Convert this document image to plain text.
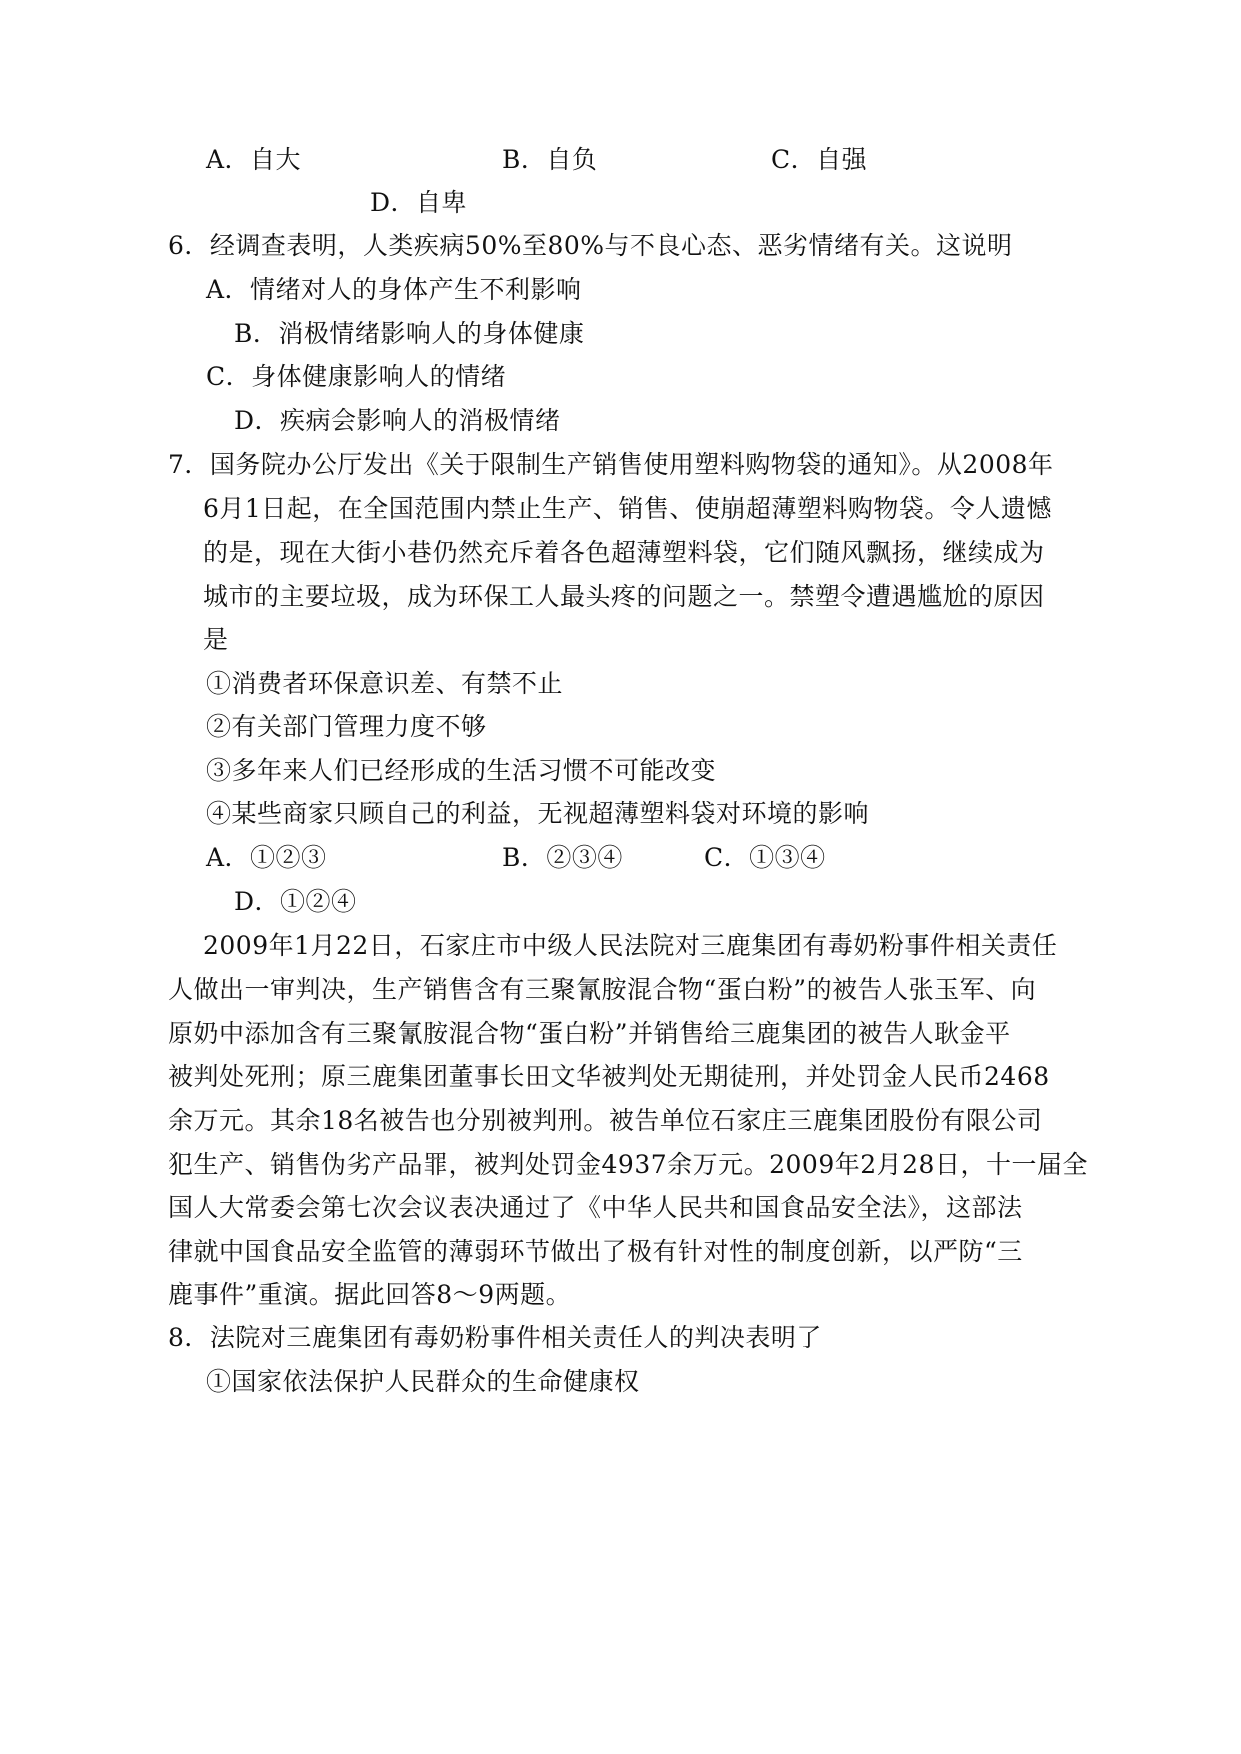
A．自大	B．自负	C．自强
D．自卑
6．经调查表明，人类疾病50%至80%与不良心态、恶劣情绪有关。这说明
A．情绪对人的身体产生不利影响
B．消极情绪影响人的身体健康
C．身体健康影响人的情绪
D．疾病会影响人的消极情绪
7．国务院办公厅发出《关于限制生产销售使用塑料购物袋的通知》。从2008年
6月1日起，在全国范围内禁止生产、销售、使崩超薄塑料购物袋。令人遗憾
的是，现在大街小巷仍然充斥着各色超薄塑料袋，它们随风飘扬，继续成为
城市的主要垃圾，成为环保工人最头疼的问题之一。禁塑令遭遇尴尬的原因
是
①消费者环保意识差、有禁不止
②有关部门管理力度不够
③多年来人们已经形成的生活习惯不可能改变
④某些商家只顾自己的利益，无视超薄塑料袋对环境的影响
A．①②③	B．②③④	C．①③④
D．①②④
2009年1月22日，石家庄市中级人民法院对三鹿集团有毒奶粉事件相关责任
人做出一审判决，生产销售含有三聚氰胺混合物“蛋白粉”的被告人张玉军、向
原奶中添加含有三聚氰胺混合物“蛋白粉”并销售给三鹿集团的被告人耿金平
被判处死刑；原三鹿集团董事长田文华被判处无期徒刑，并处罚金人民币2468
余万元。其余18名被告也分别被判刑。被告单位石家庄三鹿集团股份有限公司
犯生产、销售伪劣产品罪，被判处罚金4937余万元。2009年2月28日，十一届全
国人大常委会第七次会议表决通过了《中华人民共和国食品安全法》，这部法
律就中国食品安全监管的薄弱环节做出了极有针对性的制度创新，以严防“三
鹿事件”重演。据此回答8～9两题。
8．法院对三鹿集团有毒奶粉事件相关责任人的判决表明了
①国家依法保护人民群众的生命健康权
